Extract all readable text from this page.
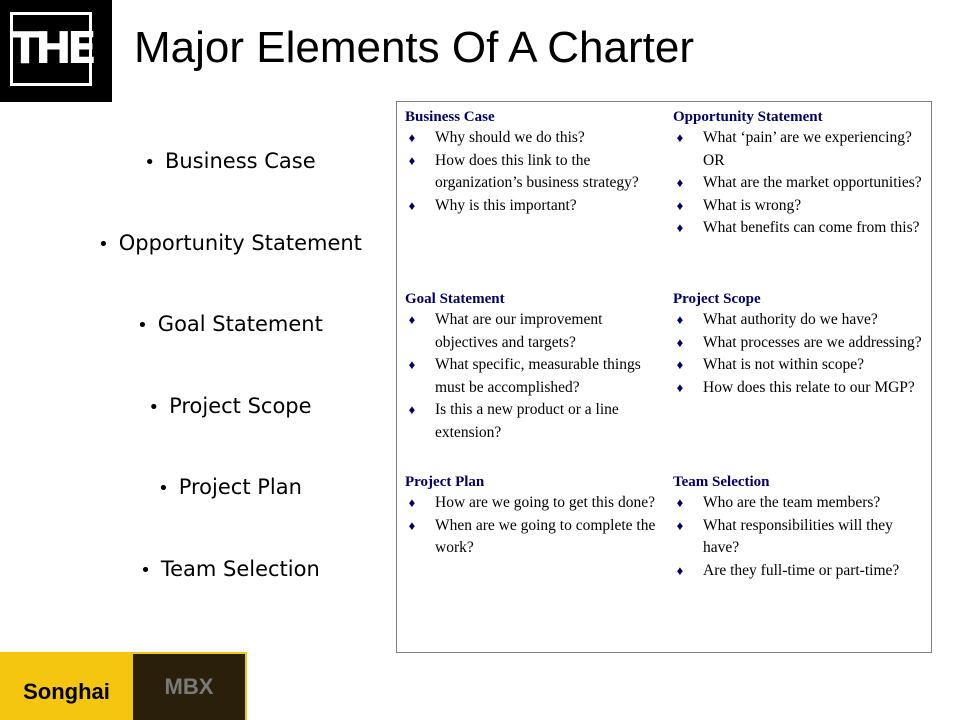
THE Major Elements Of A Charter
• Business Case
• Opportunity Statement
• Goal Statement
• Project Scope
• Project Plan
• Team Selection
Business Case
♦ Why should we do this?
♦ How does this link to the organization’s business strategy?
♦ Why is this important?
Opportunity Statement
♦ What ‘pain’ are we experiencing? OR
♦ What are the market opportunities?
♦ What is wrong?
♦ What benefits can come from this?
Goal Statement
♦ What are our improvement objectives and targets?
♦ What specific, measurable things must be accomplished?
♦ Is this a new product or a line extension?
Project Scope
♦ What authority do we have?
♦ What processes are we addressing?
♦ What is not within scope?
♦ How does this relate to our MGP?
Project Plan
♦ How are we going to get this done?
♦ When are we going to complete the work?
Team Selection
♦ Who are the team members?
♦ What responsibilities will they have?
♦ Are they full-time or part-time?
Songhai MBX
